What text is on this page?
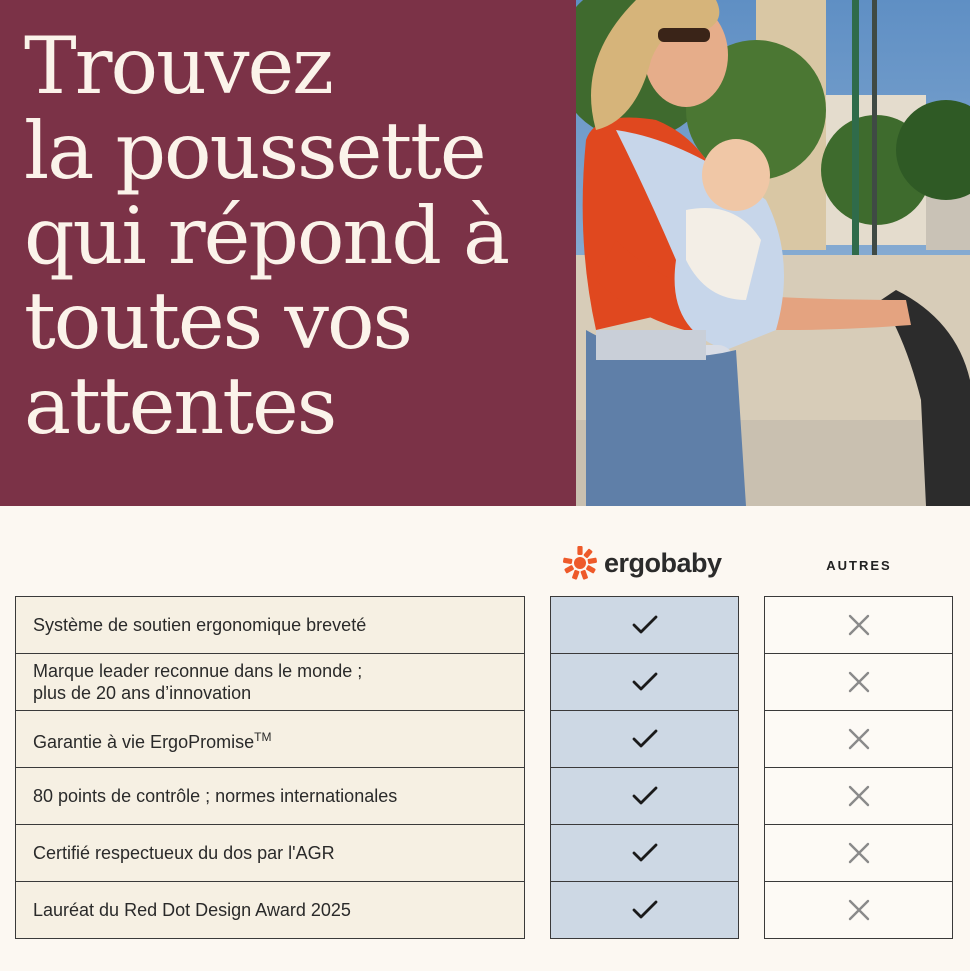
Trouvez
la poussette
qui répond à
toutes vos
attentes
ergobaby	AUTRES
Système de soutien ergonomique breveté
Marque leader reconnue dans le monde ;
plus de 20 ans d’innovation
Garantie à vie ErgoPromise™
80 points de contrôle ; normes internationales
Certifié respectueux du dos par l'AGR
Lauréat du Red Dot Design Award 2025
